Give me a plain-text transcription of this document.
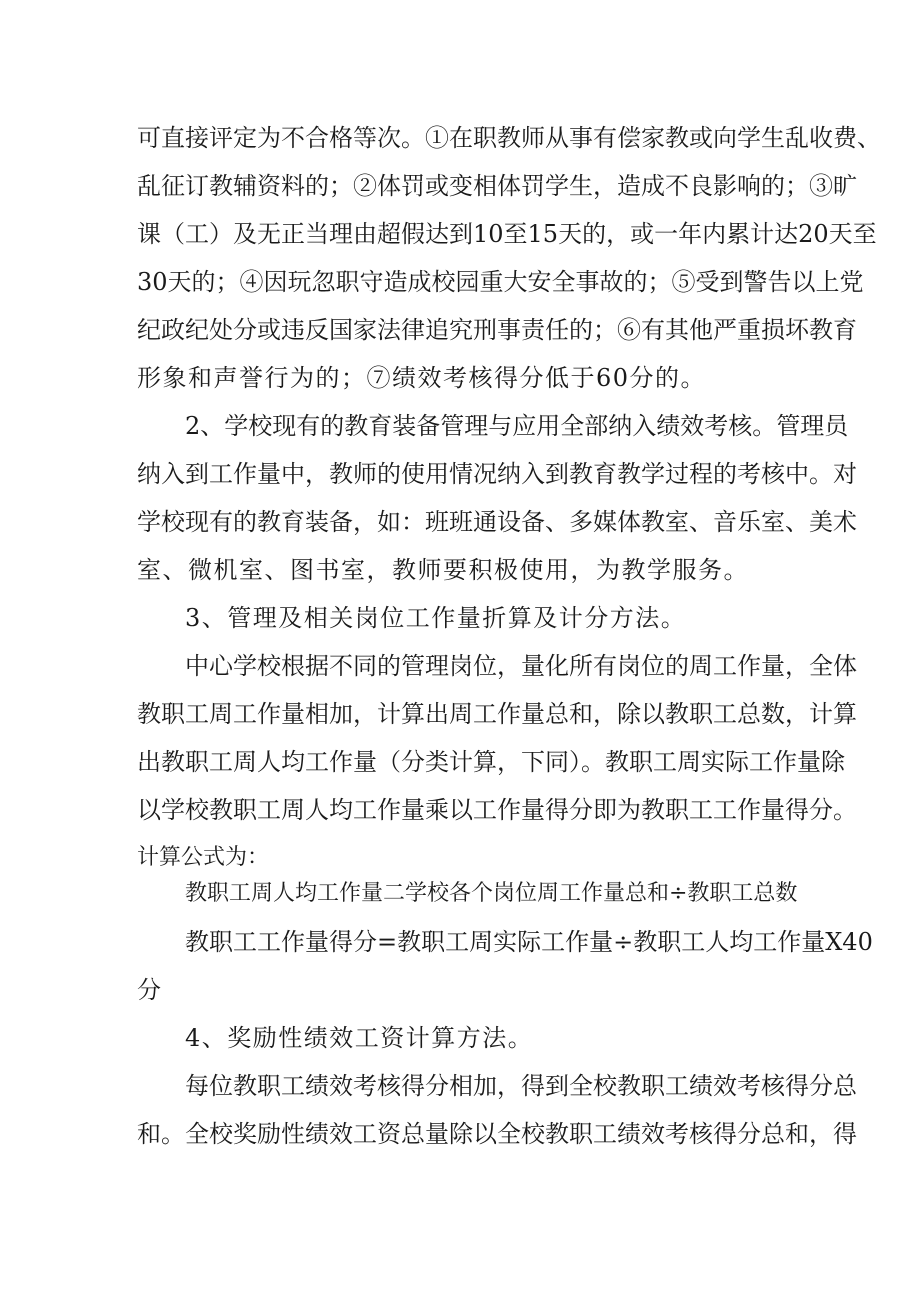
可直接评定为不合格等次。①在职教师从事有偿家教或向学生乱收费、
乱征订教辅资料的；②体罚或变相体罚学生，造成不良影响的；③旷
课（工）及无正当理由超假达到10至15天的，或一年内累计达20天至
30天的；④因玩忽职守造成校园重大安全事故的；⑤受到警告以上党
纪政纪处分或违反国家法律追究刑事责任的；⑥有其他严重损坏教育
形象和声誉行为的；⑦绩效考核得分低于60分的。
2、学校现有的教育装备管理与应用全部纳入绩效考核。管理员
纳入到工作量中，教师的使用情况纳入到教育教学过程的考核中。对
学校现有的教育装备，如：班班通设备、多媒体教室、音乐室、美术
室、微机室、图书室，教师要积极使用，为教学服务。
3、管理及相关岗位工作量折算及计分方法。
中心学校根据不同的管理岗位，量化所有岗位的周工作量，全体
教职工周工作量相加，计算出周工作量总和，除以教职工总数，计算
出教职工周人均工作量（分类计算，下同）。教职工周实际工作量除
以学校教职工周人均工作量乘以工作量得分即为教职工工作量得分。
计算公式为：
教职工周人均工作量二学校各个岗位周工作量总和÷教职工总数
教职工工作量得分=教职工周实际工作量÷教职工人均工作量X40
分
4、奖励性绩效工资计算方法。
每位教职工绩效考核得分相加，得到全校教职工绩效考核得分总
和。全校奖励性绩效工资总量除以全校教职工绩效考核得分总和，得
